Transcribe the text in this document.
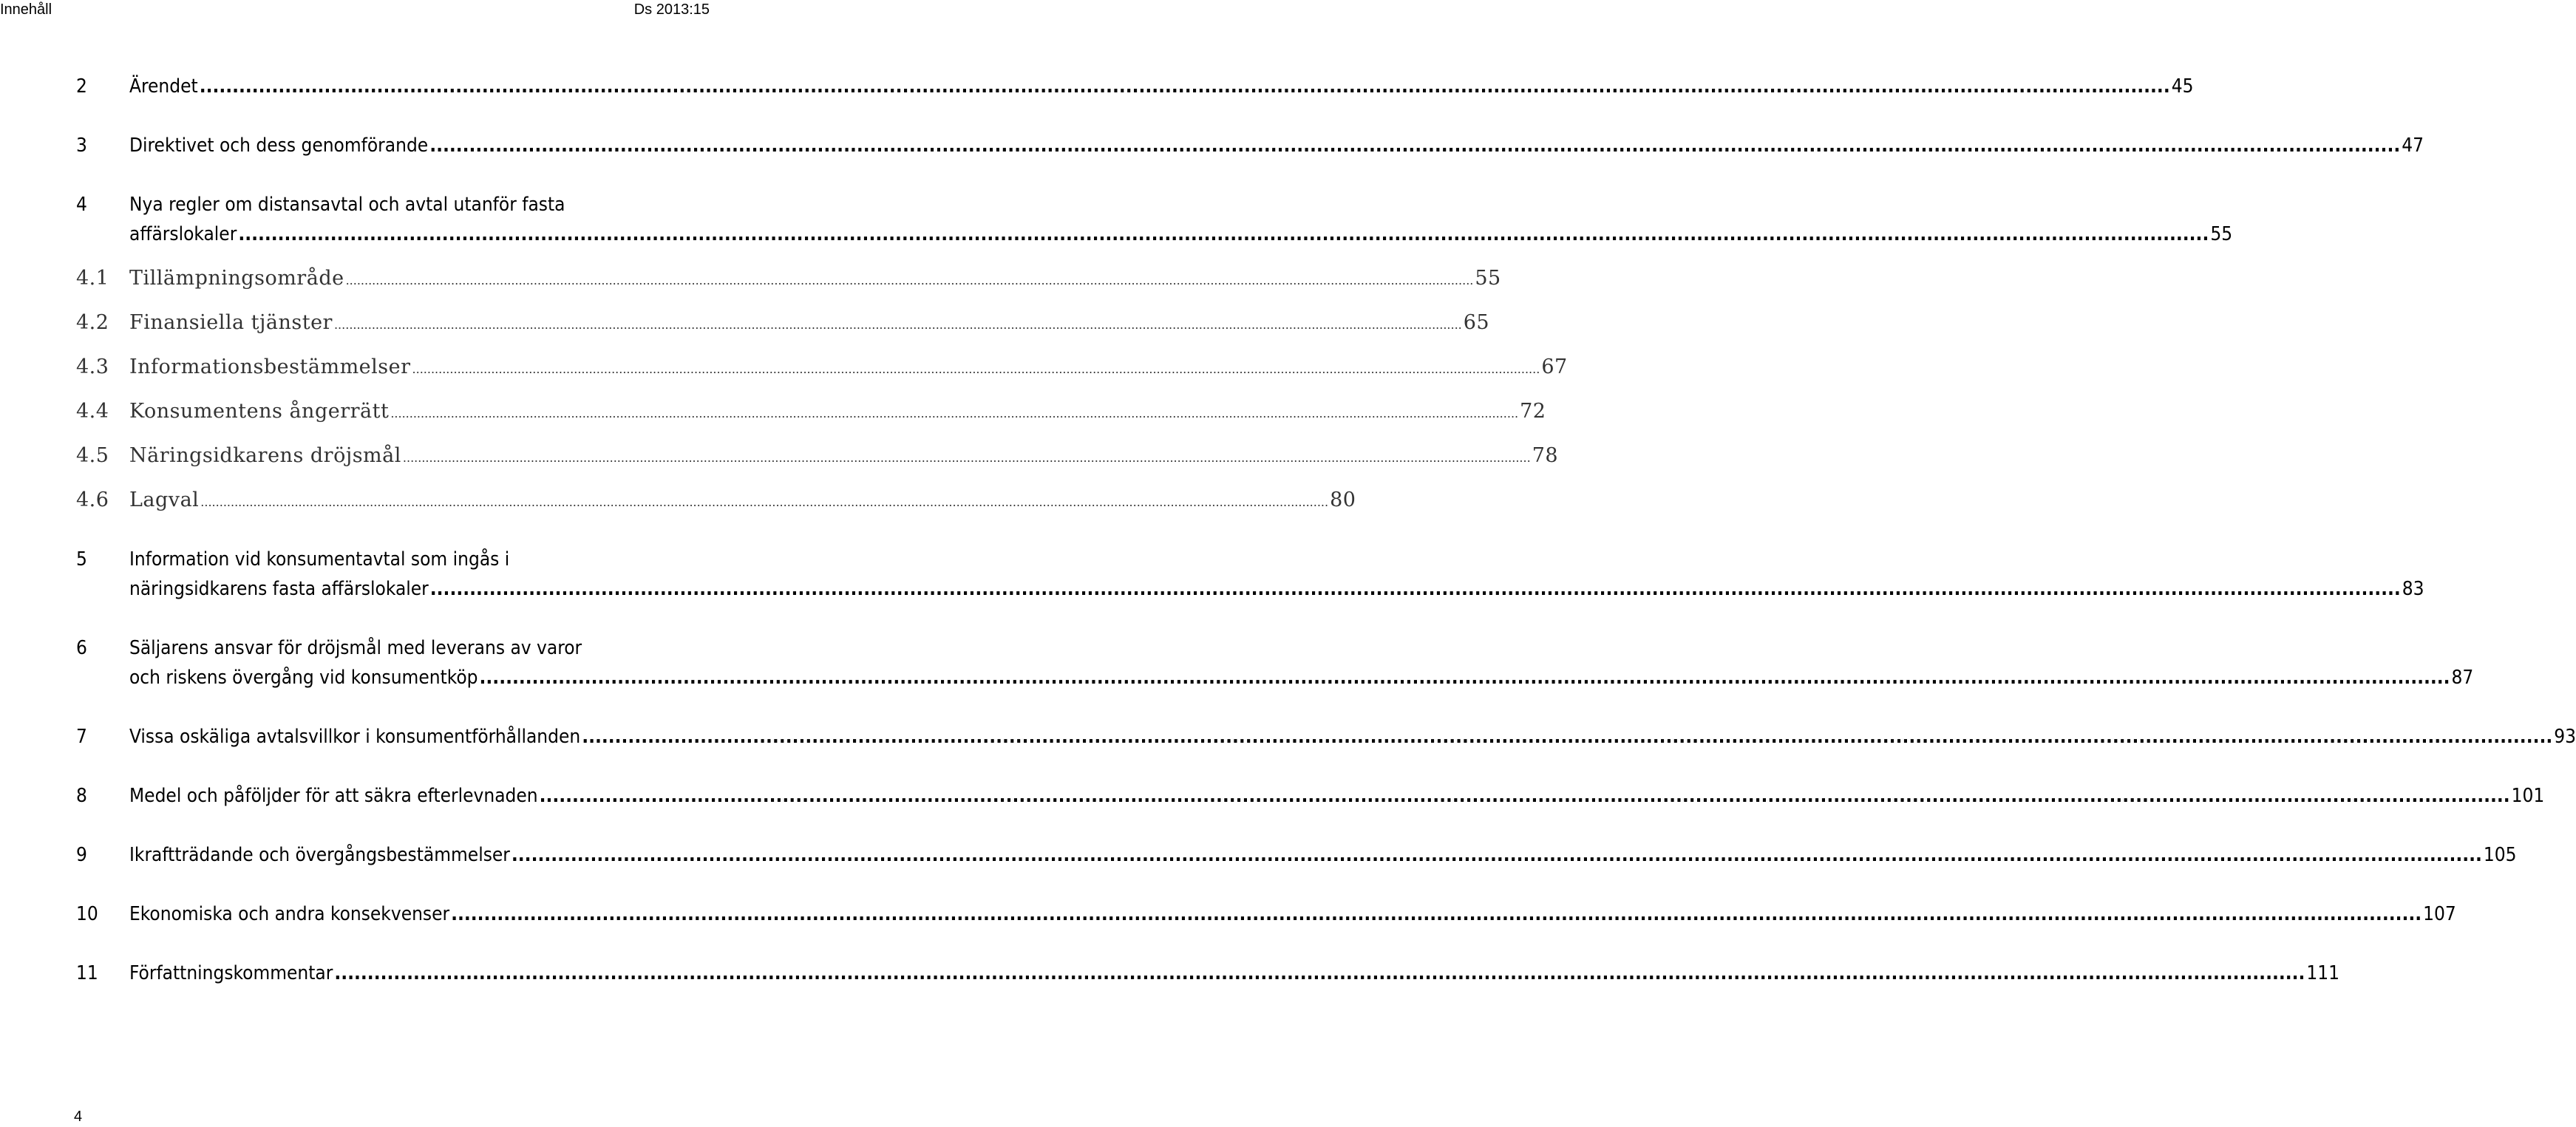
Innehåll	Ds 2013:15
2 Ärendet ............................................................................................................................................................................................................................................................................................................ 45
3 Direktivet och dess genomförande ............................................................................................................................................................................................................................................................................................................ 47
4 Nya regler om distansavtal och avtal utanför fasta
affärslokaler ............................................................................................................................................................................................................................................................................................................ 55
4.1 Tillämpningsområde ............................................................................................................................................................................................................................................................................................................ 55
4.2 Finansiella tjänster ............................................................................................................................................................................................................................................................................................................ 65
4.3 Informationsbestämmelser ............................................................................................................................................................................................................................................................................................................ 67
4.4 Konsumentens ångerrätt ............................................................................................................................................................................................................................................................................................................ 72
4.5 Näringsidkarens dröjsmål ............................................................................................................................................................................................................................................................................................................ 78
4.6 Lagval ............................................................................................................................................................................................................................................................................................................ 80
5 Information vid konsumentavtal som ingås i
näringsidkarens fasta affärslokaler ............................................................................................................................................................................................................................................................................................................ 83
6 Säljarens ansvar för dröjsmål med leverans av varor
och riskens övergång vid konsumentköp ............................................................................................................................................................................................................................................................................................................ 87
7 Vissa oskäliga avtalsvillkor i konsumentförhållanden ............................................................................................................................................................................................................................................................................................................ 93
8 Medel och påföljder för att säkra efterlevnaden ............................................................................................................................................................................................................................................................................................................ 101
9 Ikraftträdande och övergångsbestämmelser ............................................................................................................................................................................................................................................................................................................ 105
10 Ekonomiska och andra konsekvenser ............................................................................................................................................................................................................................................................................................................ 107
11 Författningskommentar ............................................................................................................................................................................................................................................................................................................ 111
4
